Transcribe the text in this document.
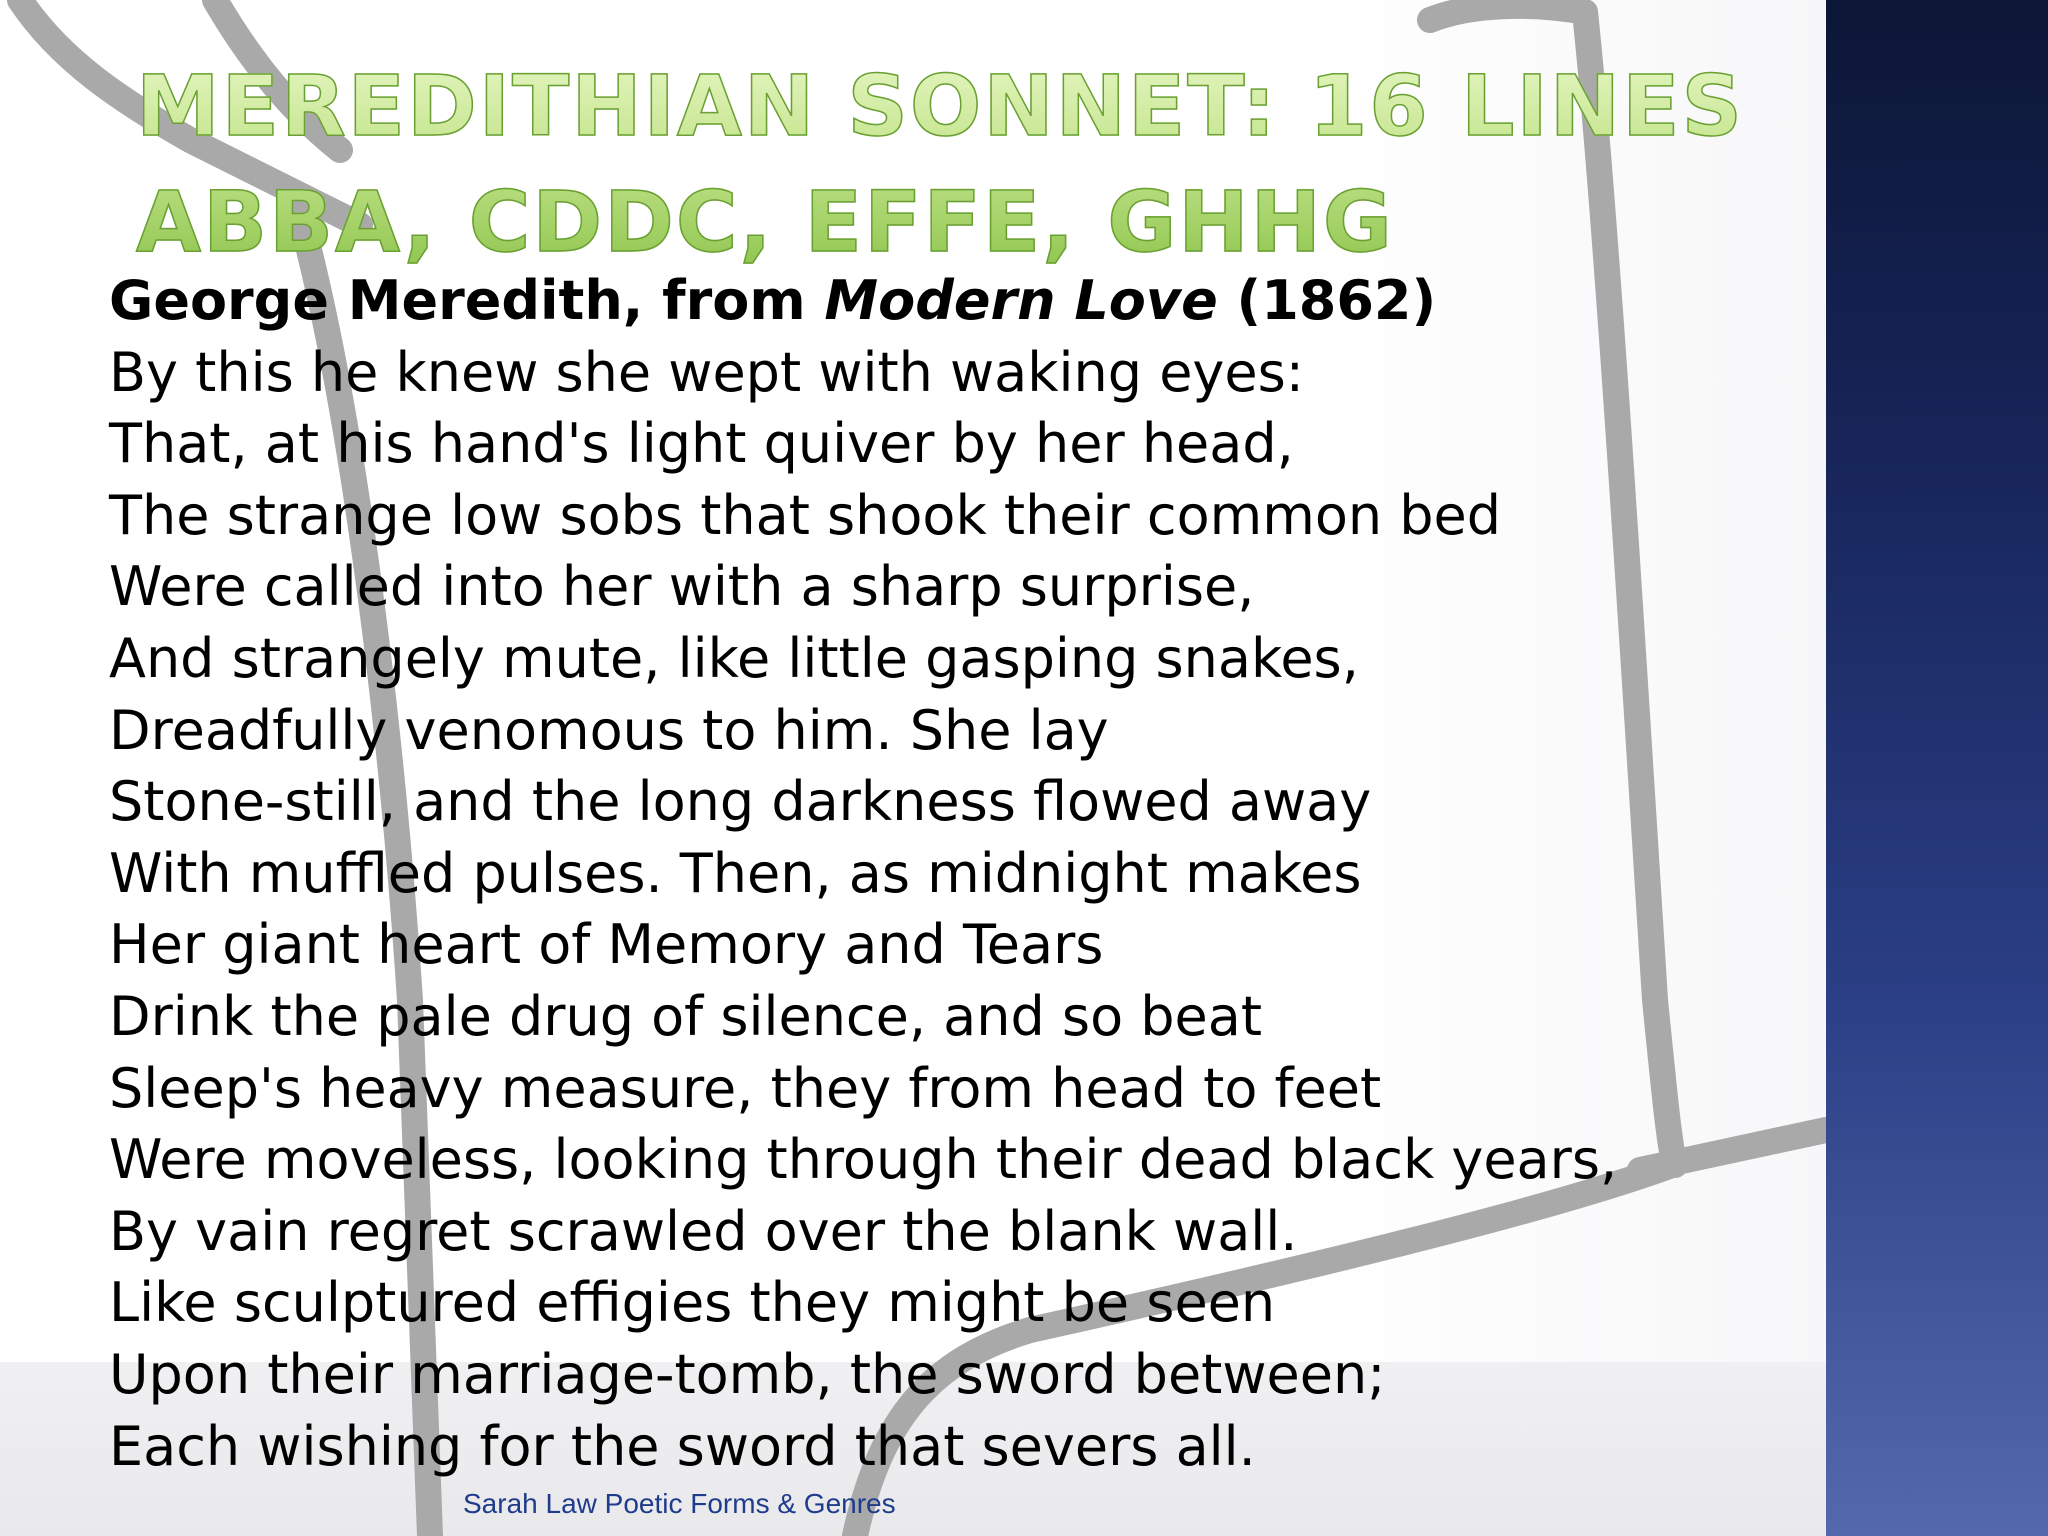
MEREDITHIAN SONNET: 16 LINES
ABBA, CDDC, EFFE, GHHG
George Meredith, from Modern Love (1862)
By this he knew she wept with waking eyes:
That, at his hand's light quiver by her head,
The strange low sobs that shook their common bed
Were called into her with a sharp surprise,
And strangely mute, like little gasping snakes,
Dreadfully venomous to him. She lay
Stone-still, and the long darkness flowed away
With muffled pulses. Then, as midnight makes
Her giant heart of Memory and Tears
Drink the pale drug of silence, and so beat
Sleep's heavy measure, they from head to feet
Were moveless, looking through their dead black years,
By vain regret scrawled over the blank wall.
Like sculptured effigies they might be seen
Upon their marriage-tomb, the sword between;
Each wishing for the sword that severs all.
Sarah Law Poetic Forms & Genres
